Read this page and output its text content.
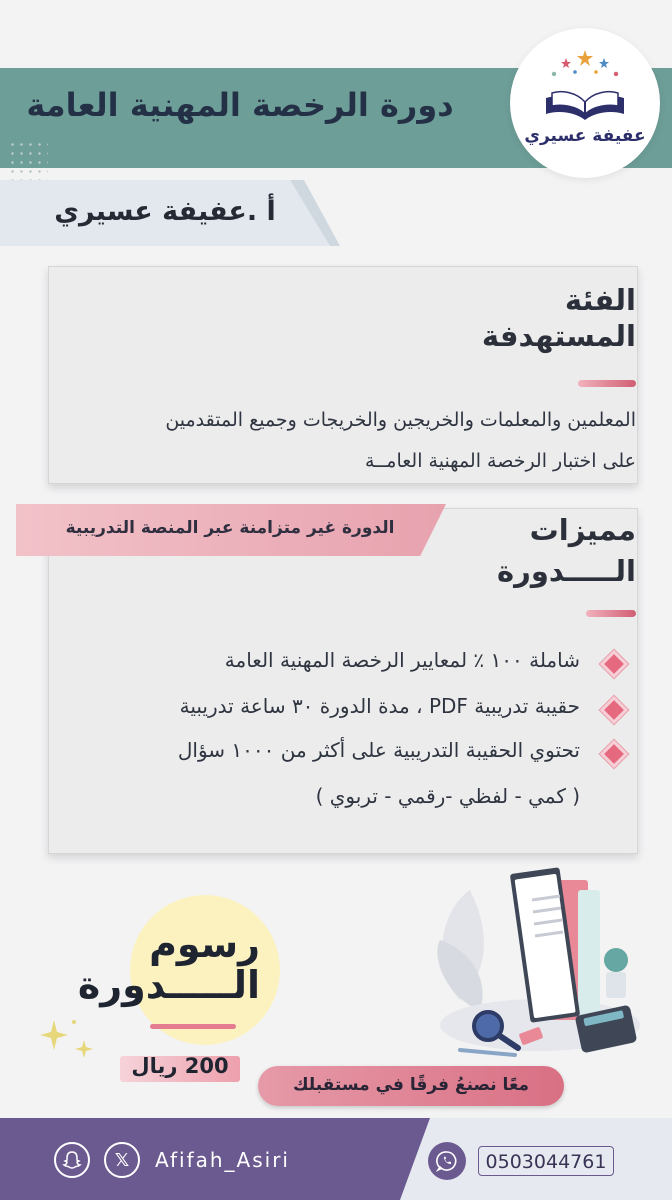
دورة الرخصة المهنية العامة
عفيفة عسيري
أ .عفيفة عسيري
الفئة
المستهدفة
المعلمين والمعلمات والخريجين والخريجات وجميع المتقدمين
على اختبار الرخصة المهنية العامــة
الدورة غير متزامنة عبر المنصة التدريبية	مميزات
الـــــدورة
شاملة ١٠٠ ٪ لمعايير الرخصة المهنية العامة
حقيبة تدريبية PDF ، مدة الدورة ٣٠ ساعة تدريبية
تحتوي الحقيبة التدريبية على أكثر من ١٠٠٠ سؤال
( كمي - لفظي -رقمي - تربوي )
رسوم
الـــــدورة
200 ريال
معًا نصنعُ فرقًا في مستقبلك
𝕏	Afifah_Asiri	0503044761
